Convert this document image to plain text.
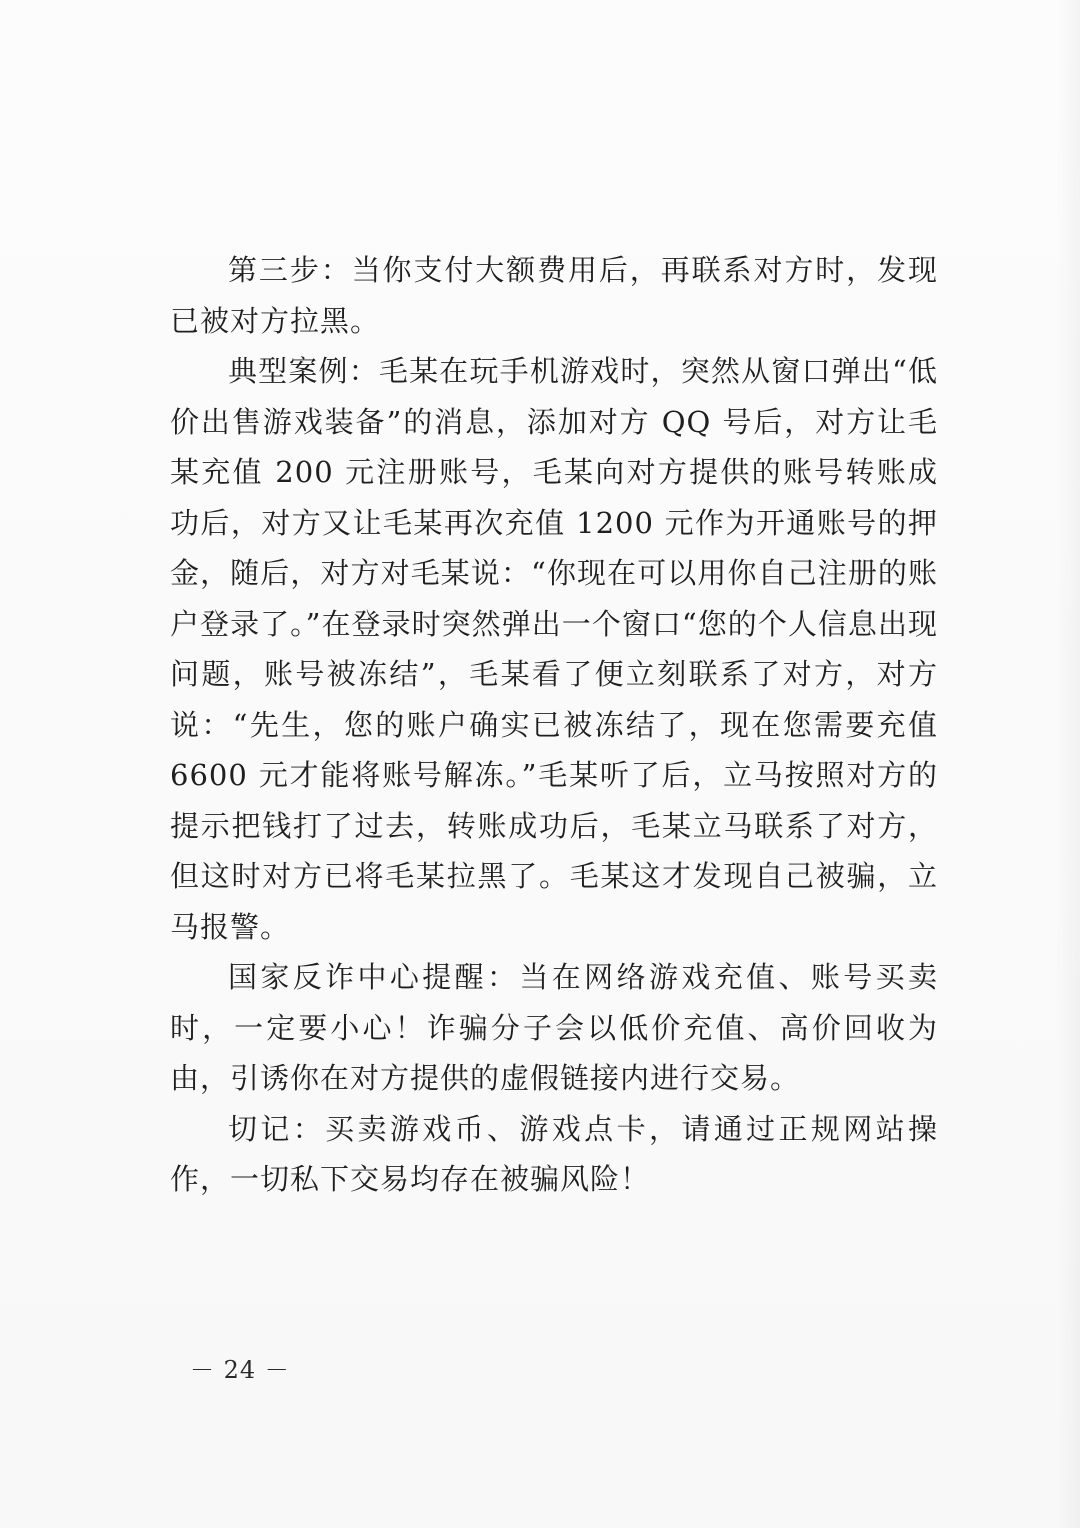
第三步：当你支付大额费用后，再联系对方时，发现已被对方拉黑。

典型案例：毛某在玩手机游戏时，突然从窗口弹出“低价出售游戏装备”的消息，添加对方 QQ 号后，对方让毛某充值 200 元注册账号，毛某向对方提供的账号转账成功后，对方又让毛某再次充值 1200 元作为开通账号的押金，随后，对方对毛某说：“你现在可以用你自己注册的账户登录了。”在登录时突然弹出一个窗口“您的个人信息出现问题，账号被冻结”，毛某看了便立刻联系了对方，对方说：“先生，您的账户确实已被冻结了，现在您需要充值 6600 元才能将账号解冻。”毛某听了后，立马按照对方的提示把钱打了过去，转账成功后，毛某立马联系了对方，但这时对方已将毛某拉黑了。毛某这才发现自己被骗，立马报警。

国家反诈中心提醒：当在网络游戏充值、账号买卖时，一定要小心！诈骗分子会以低价充值、高价回收为由，引诱你在对方提供的虚假链接内进行交易。

切记：买卖游戏币、游戏点卡，请通过正规网站操作，一切私下交易均存在被骗风险！

－ 24 －
